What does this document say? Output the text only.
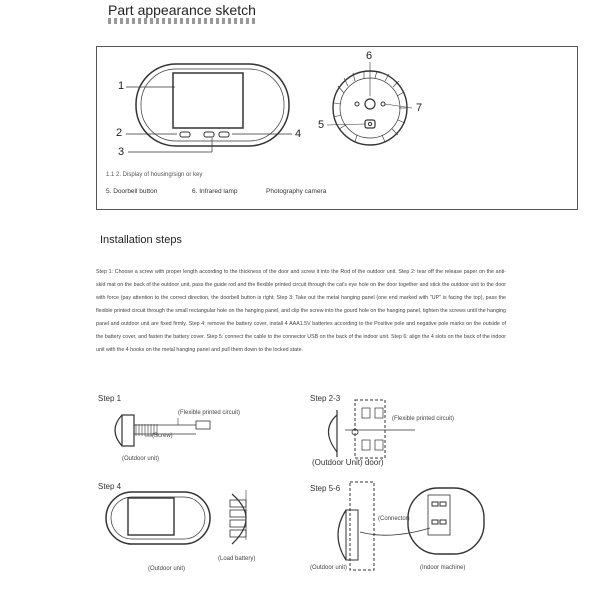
Part appearance sketch
1
2
3
4
5
6
7
1.1 2. Display of housing/sign or key
5. Doorbell button	6. Infrared lamp	Photography camera
Installation steps
Step 1: Choose a screw with proper length according to the thickness of the door and screw it into the Rod of the outdoor unit. Step 2: tear off the release paper on the anti-skid mat on the back of the outdoor unit, pass the guide rod and the flexible printed circuit through the cat's eye hole on the door together and stick the outdoor unit to the door with force (pay attention to the correct direction, the doorbell button is right; Step 3: Take out the metal hanging panel (one end marked with "UP" is facing the top), pass the flexible printed circuit through the small rectangular hole on the hanging panel, and clip the screw into the gourd hole on the hanging panel, tighten the screws until the hanging panel and outdoor unit are fixed firmly. Step 4: remove the battery cover, install 4 AAA1.5V batteries according to the Positive pole and negative pole marks on the outside of the battery cover, and fasten the battery cover. Step 5: connect the cable to the connector USB on the back of the indoor unit. Step 6: align the 4 slots on the back of the indoor unit with the 4 hooks on the metal hanging panel and pull them down to the locked state.
Step 1
(Flexible printed circuit)
(Screw)
(Outdoor unit)
Step 2-3
(Flexible printed circuit)
(Outdoor Unit) door)
Step 4
(Load battery)
(Outdoor unit)
Step 5-6
(Connector)
(Outdoor unit)	(Indoor machine)
